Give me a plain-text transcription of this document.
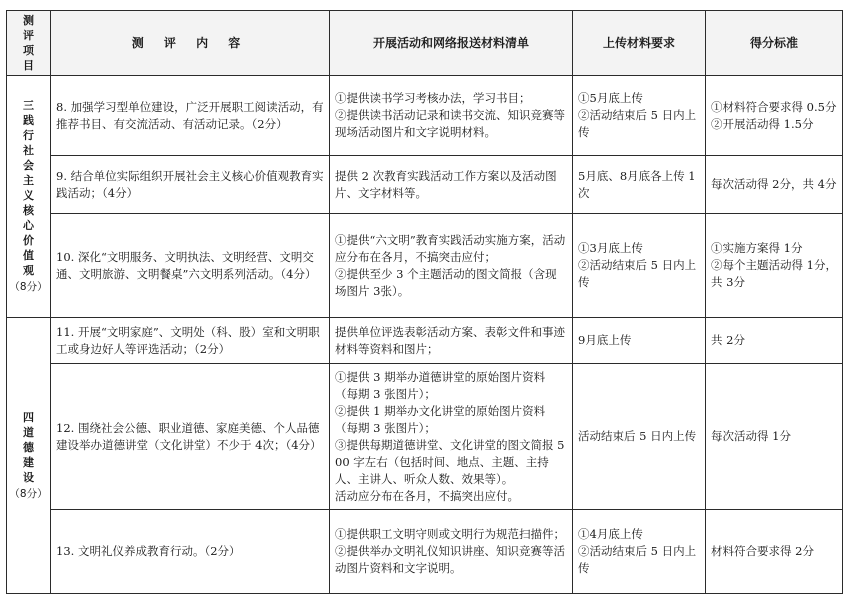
测评项目	测 评 内 容	开展活动和网络报送材料清单	上传材料要求	得分标准
三践行社会主义核心价值观
（8分）	8. 加强学习型单位建设，广泛开展职工阅读活动，有推荐书目、有交流活动、有活动记录。（2分）	①提供读书学习考核办法，学习书目；
②提供读书活动记录和读书交流、知识竞赛等现场活动图片和文字说明材料。	①5月底上传
②活动结束后 5 日内上传	①材料符合要求得 0.5分
②开展活动得 1.5分

	9. 结合单位实际组织开展社会主义核心价值观教育实践活动；（4分）	提供 2 次教育实践活动工作方案以及活动图片、文字材料等。	5月底、8月底各上传 1次	每次活动得 2分，共 4分

	10. 深化“文明服务、文明执法、文明经营、文明交通、文明旅游、文明餐桌”六文明系列活动。（4分）	①提供“六文明”教育实践活动实施方案，活动应分布在各月，不搞突击应付；
②提供至少 3 个主题活动的图文简报（含现场图片 3张）。	①3月底上传
②活动结束后 5 日内上传	①实施方案得 1分
②每个主题活动得 1分，共 3分

四道德建设
（8分）	11. 开展“文明家庭”、文明处（科、股）室和文明职工或身边好人等评选活动；（2分）	提供单位评选表彰活动方案、表彰文件和事迹材料等资料和图片；	9月底上传	共 2分

	12. 围绕社会公德、职业道德、家庭美德、个人品德建设举办道德讲堂（文化讲堂）不少于 4次；（4分）	①提供 3 期举办道德讲堂的原始图片资料（每期 3 张图片）；
②提供 1 期举办文化讲堂的原始图片资料（每期 3 张图片）；
③提供每期道德讲堂、文化讲堂的图文简报 500 字左右（包括时间、地点、主题、主持人、主讲人、听众人数、效果等）。
活动应分布在各月，不搞突出应付。	活动结束后 5 日内上传	每次活动得 1分

	13. 文明礼仪养成教育行动。（2分）	①提供职工文明守则或文明行为规范扫描件；
②提供举办文明礼仪知识讲座、知识竞赛等活动图片资料和文字说明。	①4月底上传
②活动结束后 5 日内上传	材料符合要求得 2分
